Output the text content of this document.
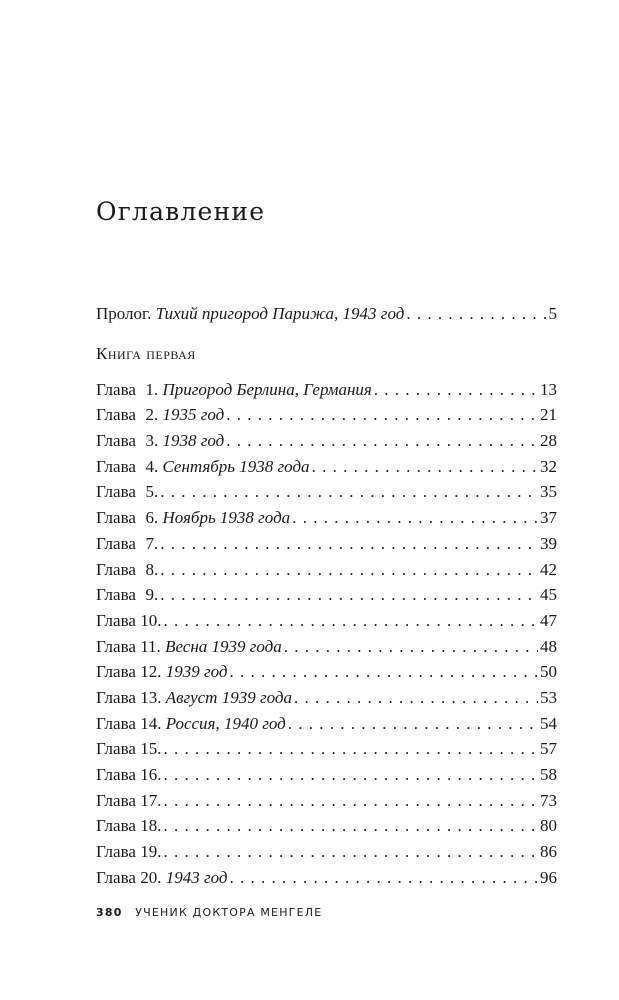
Оглавление
Пролог. Тихий пригород Парижа, 1943 год . . .	5
Книга первая
Глава 1. Пригород Берлина, Германия . . .	13
Глава 2. 1935 год . . .	21
Глава 3. 1938 год . . .	28
Глава 4. Сентябрь 1938 года . . .	32
Глава 5. . . .	35
Глава 6. Ноябрь 1938 года . . .	37
Глава 7. . . .	39
Глава 8. . . .	42
Глава 9. . . .	45
Глава 10. . . .	47
Глава 11. Весна 1939 года . . .	48
Глава 12. 1939 год . . .	50
Глава 13. Август 1939 года . . .	53
Глава 14. Россия, 1940 год . . .	54
Глава 15. . . .	57
Глава 16. . . .	58
Глава 17. . . .	73
Глава 18. . . .	80
Глава 19. . . .	86
Глава 20. 1943 год . . .	96
380 УЧЕНИК ДОКТОРА МЕНГЕЛЕ
